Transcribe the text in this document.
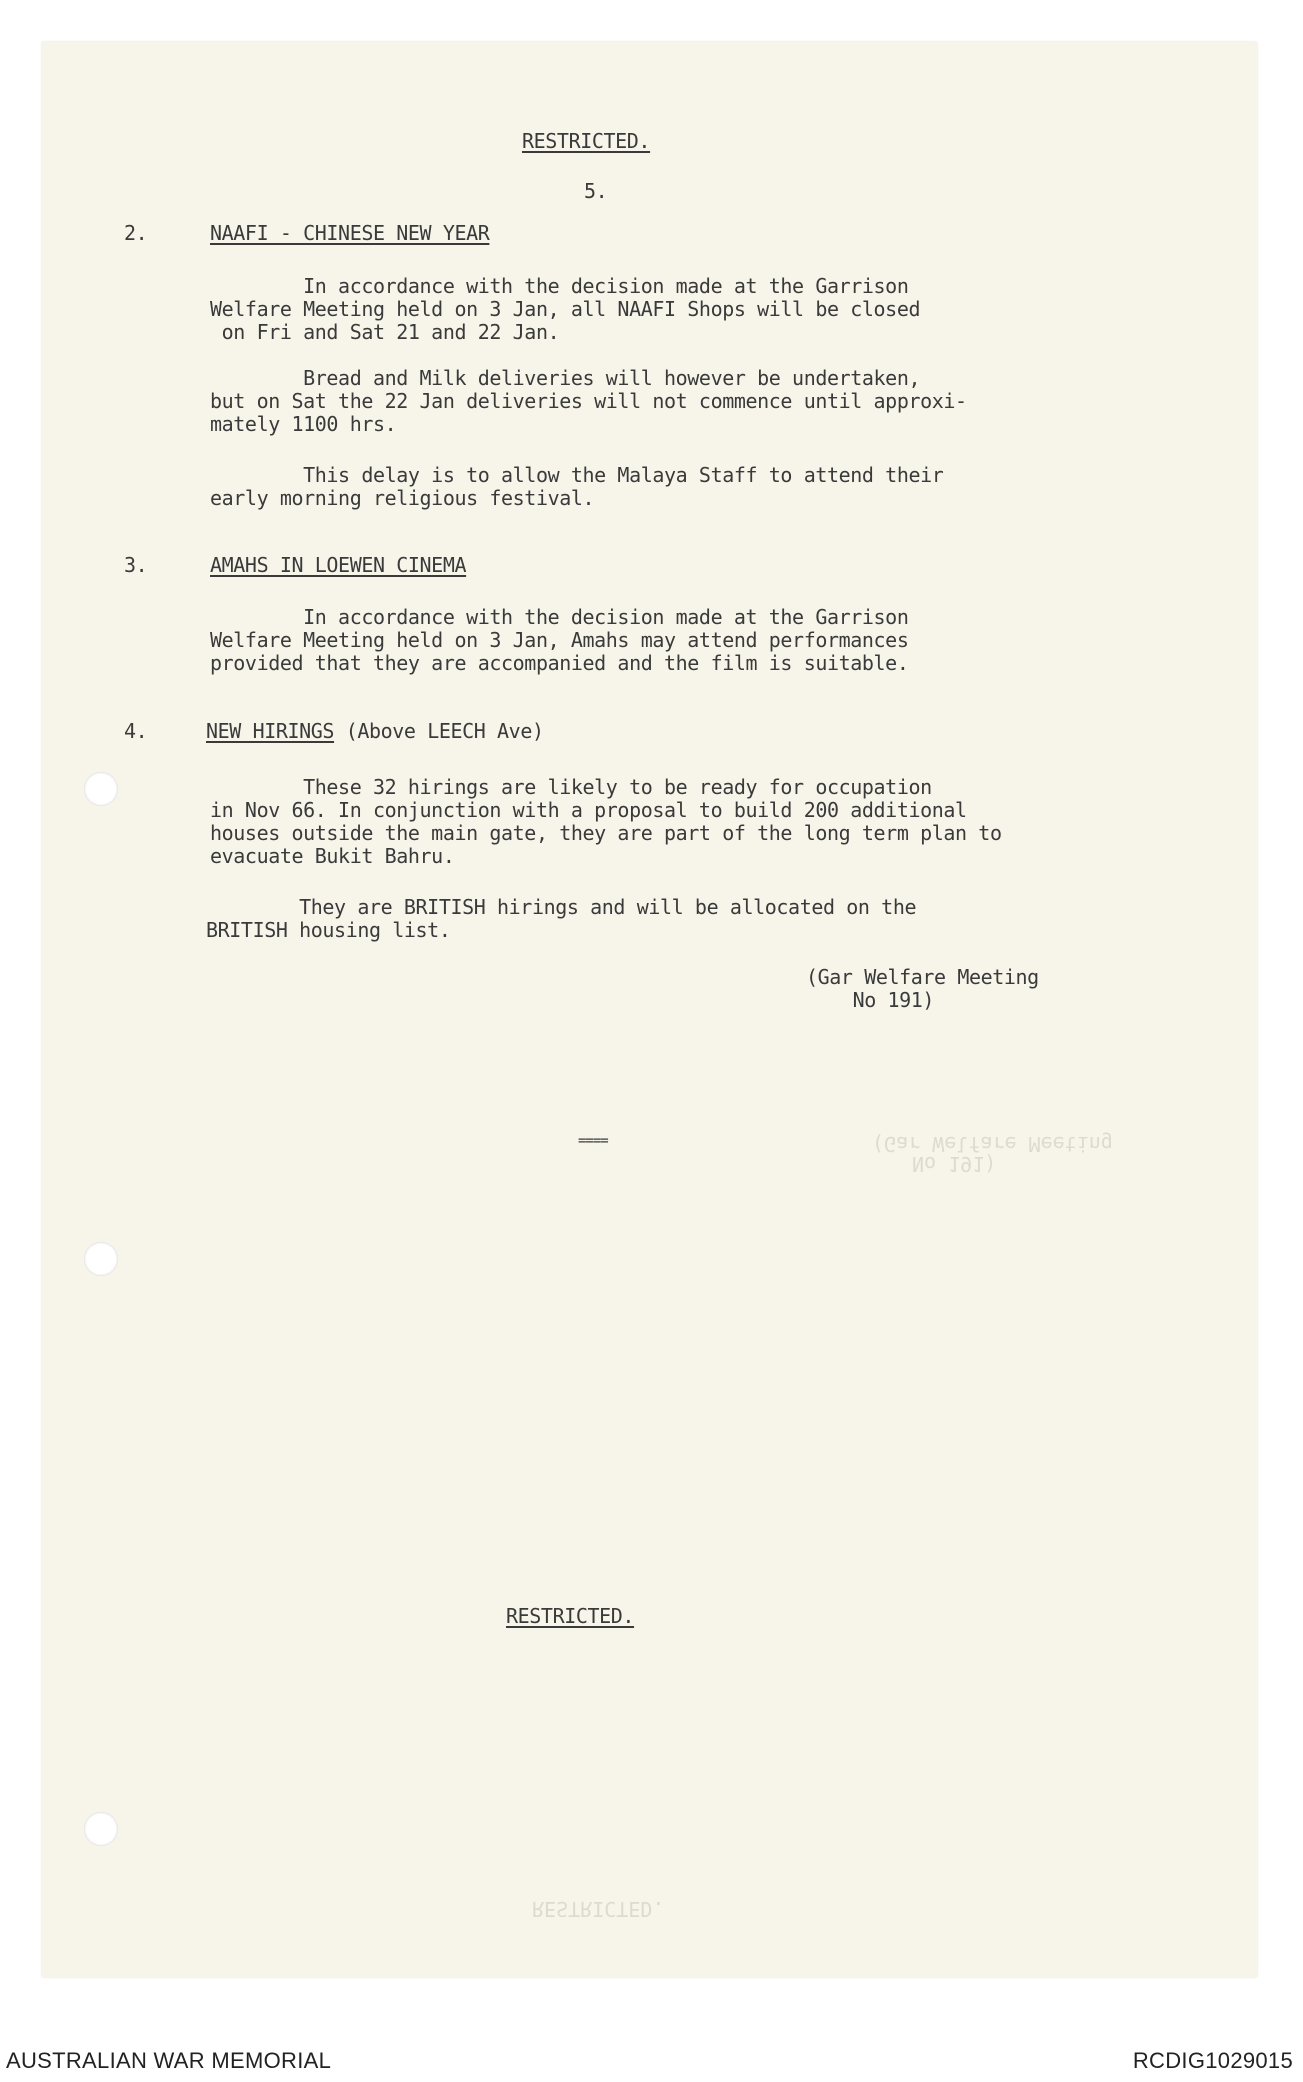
RESTRICTED.
(Gar Welfare Meeting
No 191)
RESTRICTED.
5.
2.	NAAFI - CHINESE NEW YEAR
In accordance with the decision made at the Garrison
Welfare Meeting held on 3 Jan, all NAAFI Shops will be closed
on Fri and Sat 21 and 22 Jan.
Bread and Milk deliveries will however be undertaken,
but on Sat the 22 Jan deliveries will not commence until approxi-
mately 1100 hrs.
This delay is to allow the Malaya Staff to attend their
early morning religious festival.
3.	AMAHS IN LOEWEN CINEMA
In accordance with the decision made at the Garrison
Welfare Meeting held on 3 Jan, Amahs may attend performances
provided that they are accompanied and the film is suitable.
4.	NEW HIRINGS (Above LEECH Ave)
These 32 hirings are likely to be ready for occupation
in Nov 66. In conjunction with a proposal to build 200 additional
houses outside the main gate, they are part of the long term plan to
evacuate Bukit Bahru.
They are BRITISH hirings and will be allocated on the
BRITISH housing list.
(Gar Welfare Meeting
No 191)
====
RESTRICTED.
AUSTRALIAN WAR MEMORIAL	RCDIG1029015
